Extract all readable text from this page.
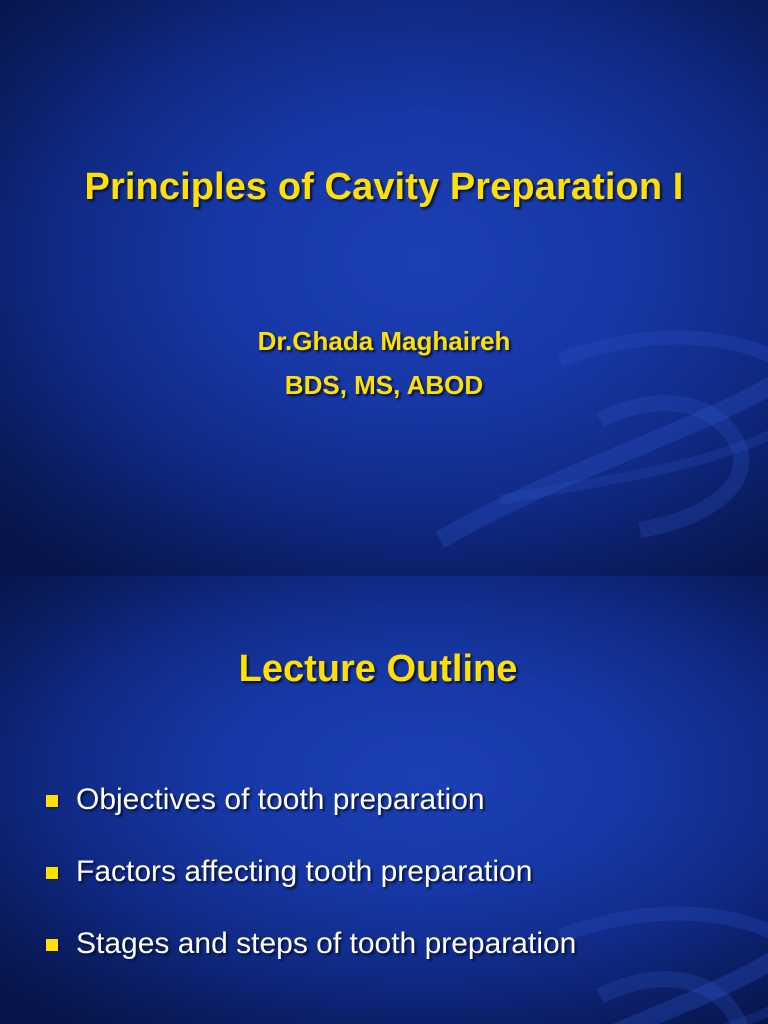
Principles of Cavity Preparation I
Dr.Ghada Maghaireh
BDS, MS, ABOD
Lecture Outline
Objectives of tooth preparation
Factors affecting tooth preparation
Stages and steps of tooth preparation
